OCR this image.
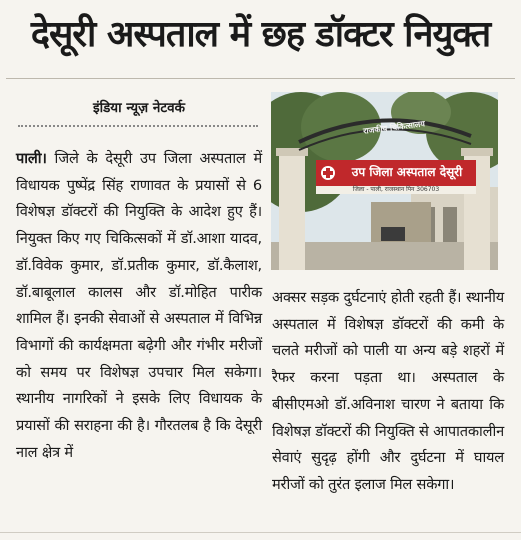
देसूरी अस्पताल में छह डॉक्टर नियुक्त
इंडिया न्यूज़ नेटवर्क
पाली। जिले के देसूरी उप जिला अस्पताल में विधायक पुष्पेंद्र सिंह राणावत के प्रयासों से 6 विशेषज्ञ डॉक्टरों की नियुक्ति के आदेश हुए हैं। नियुक्त किए गए चिकित्सकों में डॉ.आशा यादव, डॉ.विवेक कुमार, डॉ.प्रतीक कुमार, डॉ.कैलाश, डॉ.बाबूलाल कालस और डॉ.मोहित पारीक शामिल हैं। इनकी सेवाओं से अस्पताल में विभिन्न विभागों की कार्यक्षमता बढ़ेगी और गंभीर मरीजों को समय पर विशेषज्ञ उपचार मिल सकेगा। स्थानीय नागरिकों ने इसके लिए विधायक के प्रयासों की सराहना की है। गौरतलब है कि देसूरी नाल क्षेत्र में
राजकीय चिकित्सालय
उप जिला अस्पताल देसूरी
जिला - पाली, राजस्थान पिन 306703
अक्सर सड़क दुर्घटनाएं होती रहती हैं। स्थानीय अस्पताल में विशेषज्ञ डॉक्टरों की कमी के चलते मरीजों को पाली या अन्य बड़े शहरों में रैफर करना पड़ता था। अस्पताल के बीसीएमओ डॉ.अविनाश चारण ने बताया कि विशेषज्ञ डॉक्टरों की नियुक्ति से आपातकालीन सेवाएं सुदृढ़ होंगी और दुर्घटना में घायल मरीजों को तुरंत इलाज मिल सकेगा।
